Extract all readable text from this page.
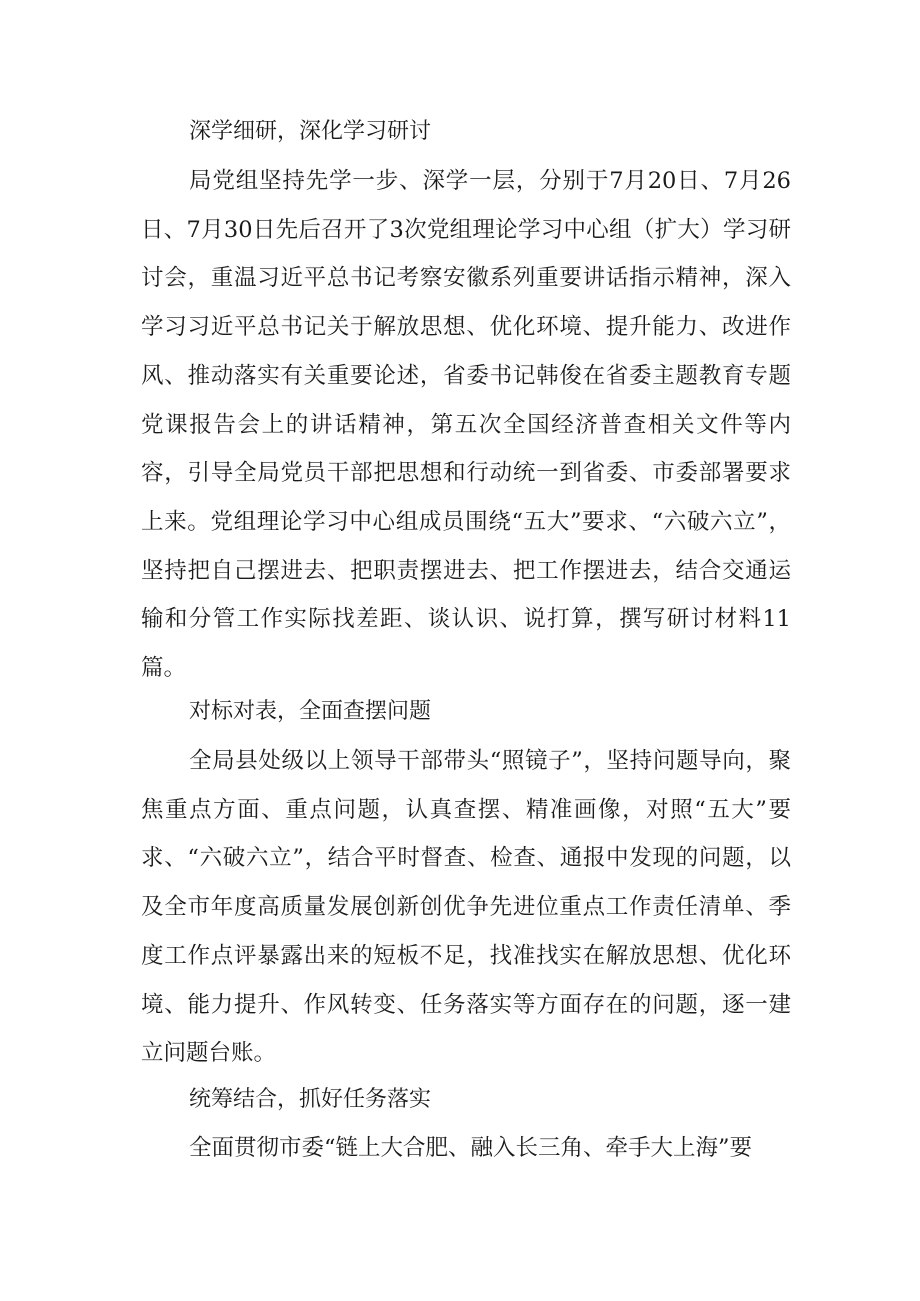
深学细研，深化学习研讨

局党组坚持先学一步、深学一层，分别于7月20日、7月26日、7月30日先后召开了3次党组理论学习中心组（扩大）学习研讨会，重温习近平总书记考察安徽系列重要讲话指示精神，深入学习习近平总书记关于解放思想、优化环境、提升能力、改进作风、推动落实有关重要论述，省委书记韩俊在省委主题教育专题党课报告会上的讲话精神，第五次全国经济普查相关文件等内容，引导全局党员干部把思想和行动统一到省委、市委部署要求上来。党组理论学习中心组成员围绕“五大”要求、“六破六立”，坚持把自己摆进去、把职责摆进去、把工作摆进去，结合交通运输和分管工作实际找差距、谈认识、说打算，撰写研讨材料11篇。

对标对表，全面查摆问题

全局县处级以上领导干部带头“照镜子”，坚持问题导向，聚焦重点方面、重点问题，认真查摆、精准画像，对照“五大”要求、“六破六立”，结合平时督查、检查、通报中发现的问题，以及全市年度高质量发展创新创优争先进位重点工作责任清单、季度工作点评暴露出来的短板不足，找准找实在解放思想、优化环境、能力提升、作风转变、任务落实等方面存在的问题，逐一建立问题台账。

统筹结合，抓好任务落实

全面贯彻市委“链上大合肥、融入长三角、牵手大上海”要
